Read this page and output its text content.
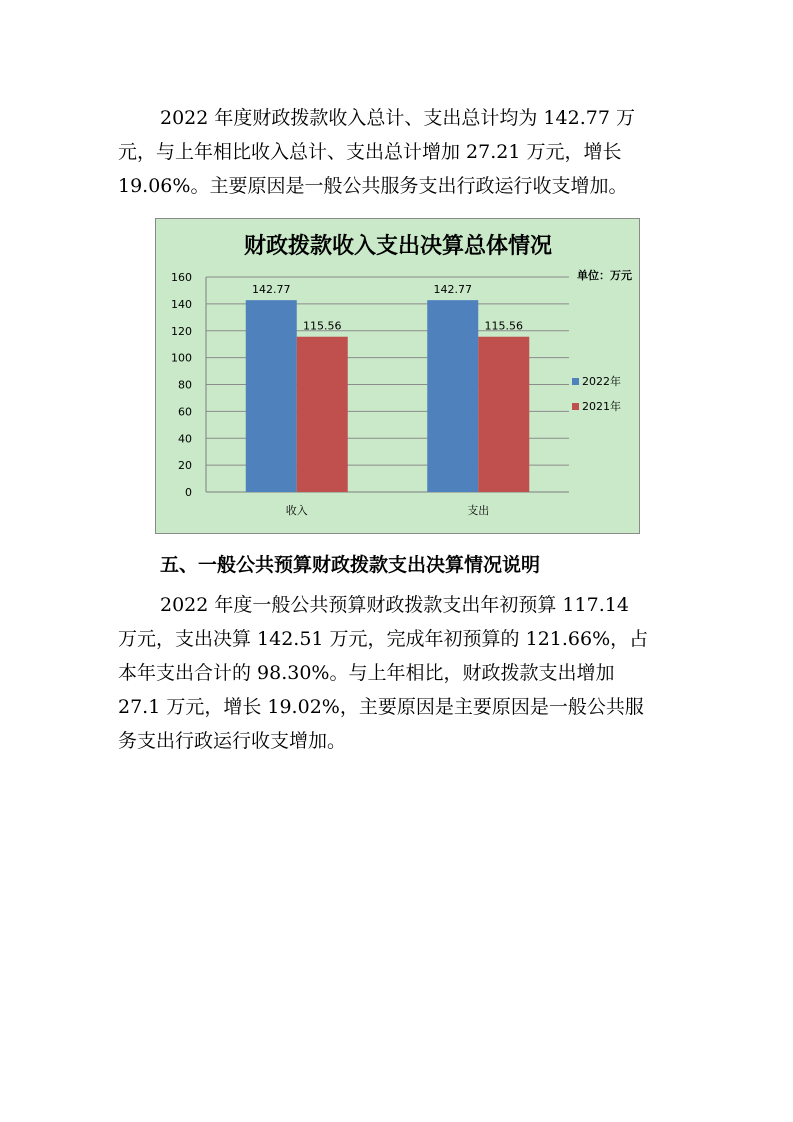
2022 年度财政拨款收入总计、支出总计均为 142.77 万
元，与上年相比收入总计、支出总计增加 27.21 万元，增长
19.06%。主要原因是一般公共服务支出行政运行收支增加。

财政拨款收入支出决算总体情况
单位：万元
0
20
40
60
80
100
120
140
160
142.77
115.56
收入
142.77
115.56
支出
2022年
2021年

五、一般公共预算财政拨款支出决算情况说明

2022 年度一般公共预算财政拨款支出年初预算 117.14
万元，支出决算 142.51 万元，完成年初预算的 121.66%，占
本年支出合计的 98.30%。与上年相比，财政拨款支出增加
27.1 万元，增长 19.02%，主要原因是主要原因是一般公共服
务支出行政运行收支增加。
